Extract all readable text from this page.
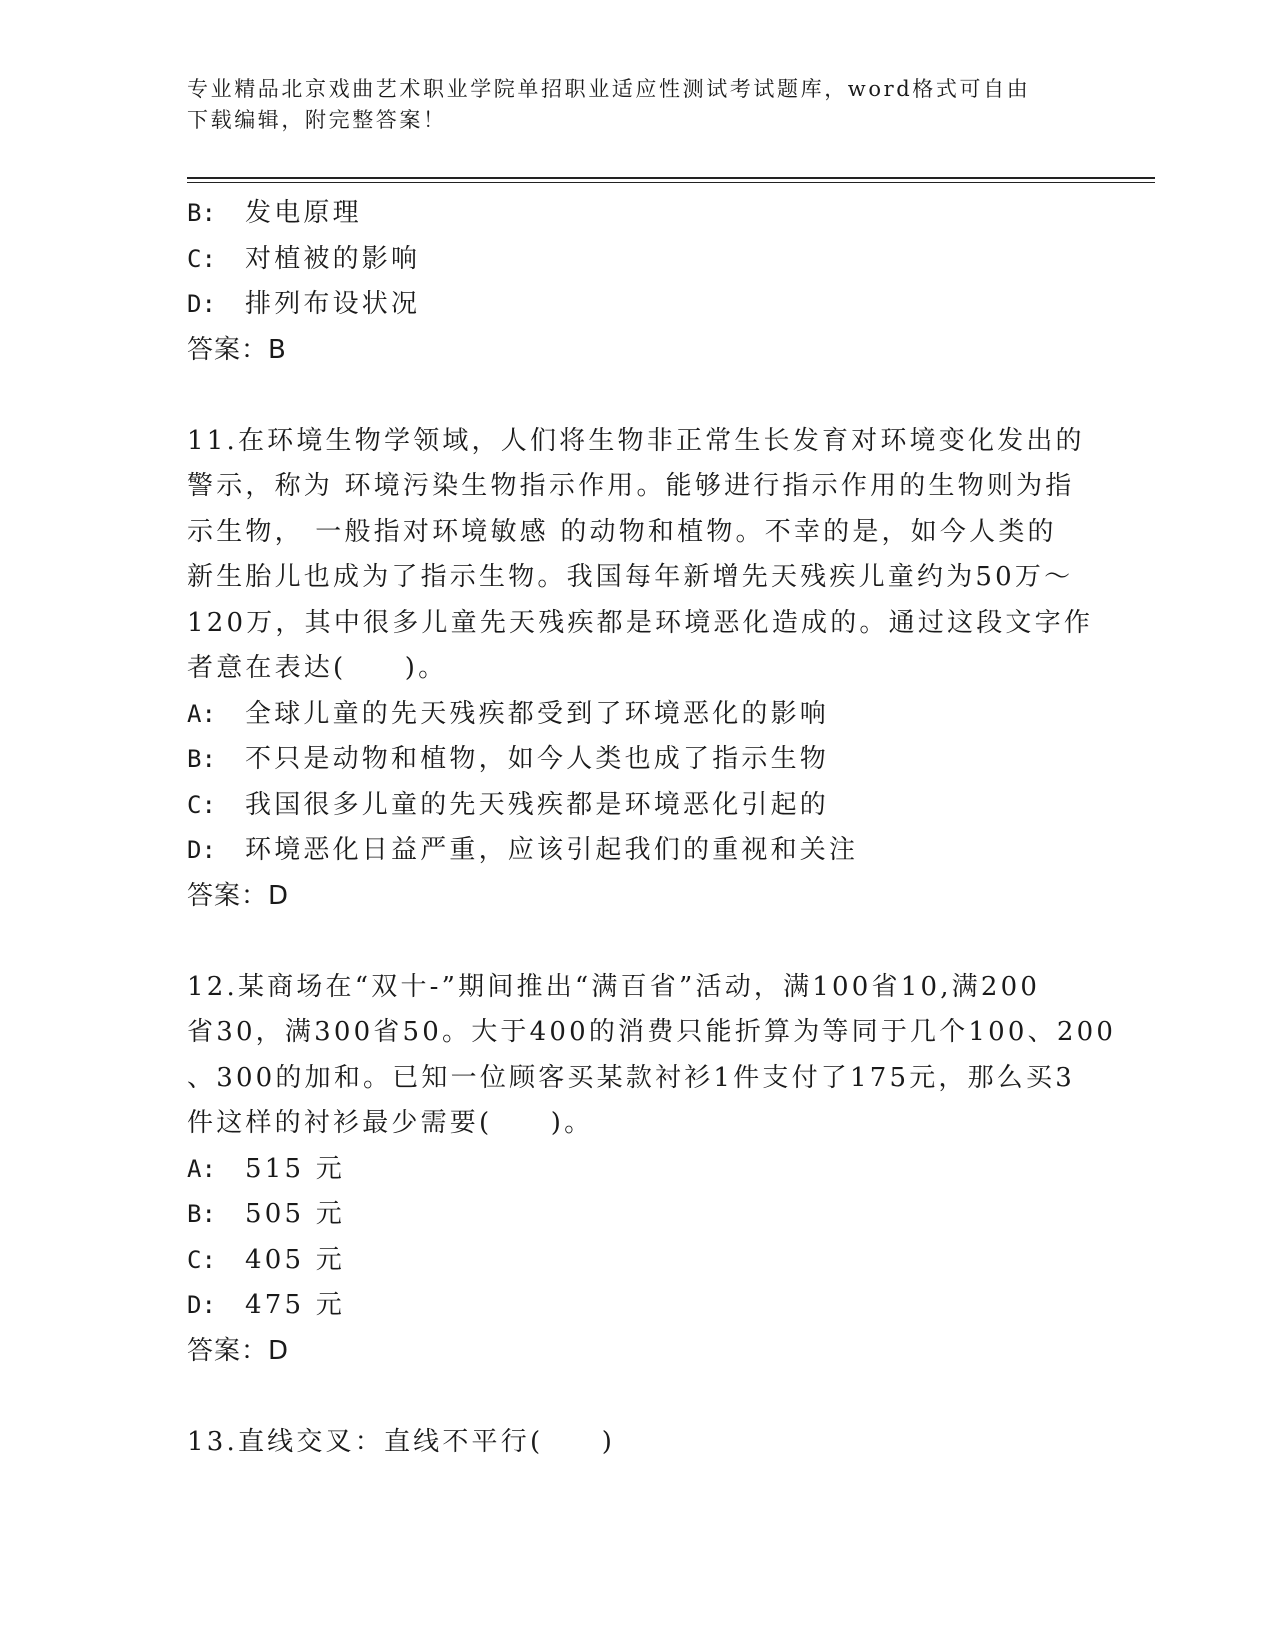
专业精品北京戏曲艺术职业学院单招职业适应性测试考试题库，word格式可自由
下载编辑，附完整答案！
B: 发电原理
C: 对植被的影响
D: 排列布设状况
答案：B
11.在环境生物学领域，人们将生物非正常生长发育对环境变化发出的
警示，称为 环境污染生物指示作用。能够进行指示作用的生物则为指
示生物， 一般指对环境敏感 的动物和植物。不幸的是，如今人类的
新生胎儿也成为了指示生物。我国每年新增先天残疾儿童约为50万～
120万，其中很多儿童先天残疾都是环境恶化造成的。通过这段文字作
者意在表达(　　)。
A: 全球儿童的先天残疾都受到了环境恶化的影响
B: 不只是动物和植物，如今人类也成了指示生物
C: 我国很多儿童的先天残疾都是环境恶化引起的
D: 环境恶化日益严重，应该引起我们的重视和关注
答案：D
12.某商场在“双十-”期间推出“满百省”活动，满100省10,满200
省30，满300省50。大于400的消费只能折算为等同于几个100、200
、300的加和。已知一位顾客买某款衬衫1件支付了175元，那么买3
件这样的衬衫最少需要(　　)。
A: 515 元
B: 505 元
C: 405 元
D: 475 元
答案：D
13.直线交叉：直线不平行(　　)
